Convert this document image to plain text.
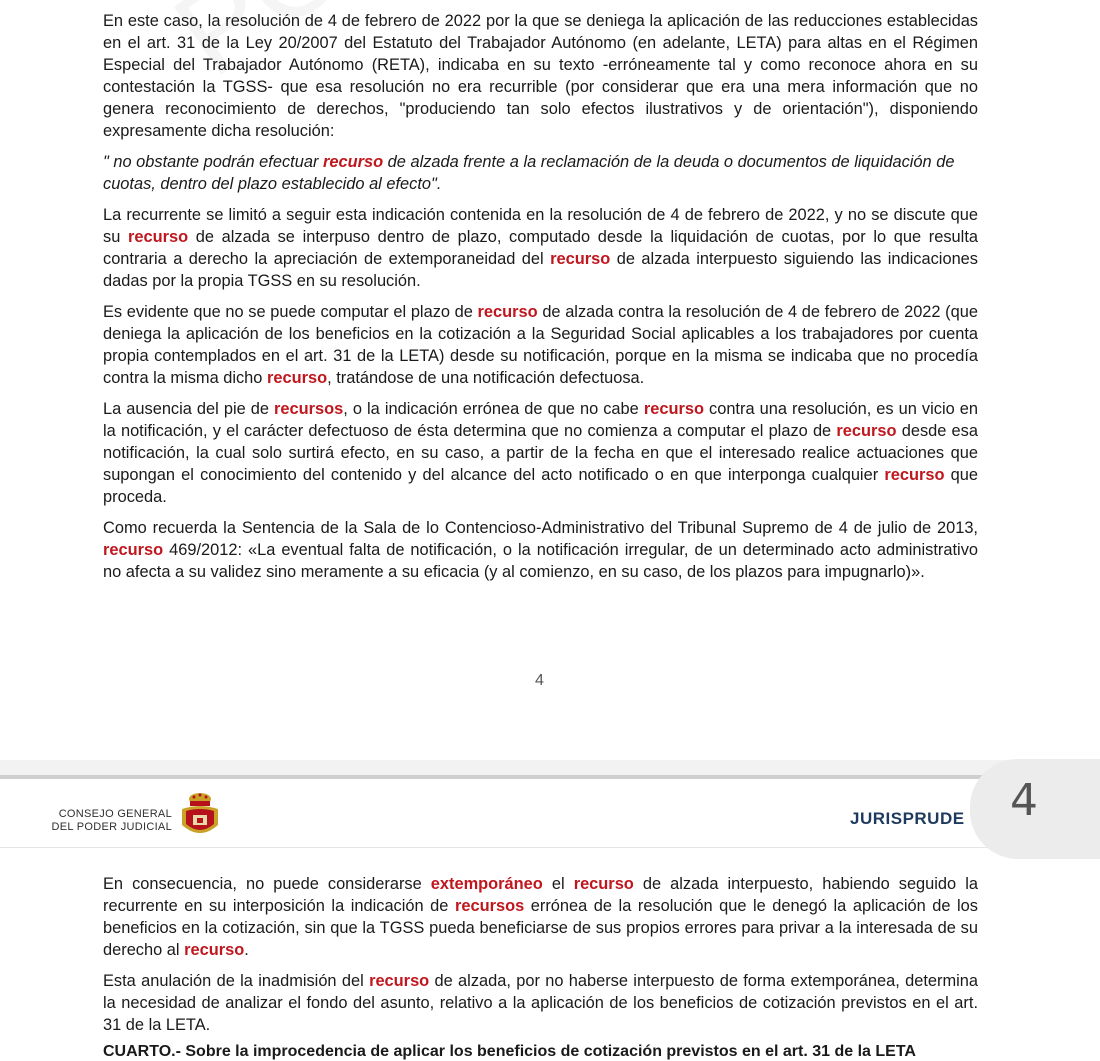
En este caso, la resolución de 4 de febrero de 2022 por la que se deniega la aplicación de las reducciones establecidas en el art. 31 de la Ley 20/2007 del Estatuto del Trabajador Autónomo (en adelante, LETA) para altas en el Régimen Especial del Trabajador Autónomo (RETA), indicaba en su texto -erróneamente tal y como reconoce ahora en su contestación la TGSS- que esa resolución no era recurrible (por considerar que era una mera información que no genera reconocimiento de derechos, "produciendo tan solo efectos ilustrativos y de orientación"), disponiendo expresamente dicha resolución:

" no obstante podrán efectuar recurso de alzada frente a la reclamación de la deuda o documentos de liquidación de cuotas, dentro del plazo establecido al efecto".

La recurrente se limitó a seguir esta indicación contenida en la resolución de 4 de febrero de 2022, y no se discute que su recurso de alzada se interpuso dentro de plazo, computado desde la liquidación de cuotas, por lo que resulta contraria a derecho la apreciación de extemporaneidad del recurso de alzada interpuesto siguiendo las indicaciones dadas por la propia TGSS en su resolución.

Es evidente que no se puede computar el plazo de recurso de alzada contra la resolución de 4 de febrero de 2022 (que deniega la aplicación de los beneficios en la cotización a la Seguridad Social aplicables a los trabajadores por cuenta propia contemplados en el art. 31 de la LETA) desde su notificación, porque en la misma se indicaba que no procedía contra la misma dicho recurso, tratándose de una notificación defectuosa.

La ausencia del pie de recursos, o la indicación errónea de que no cabe recurso contra una resolución, es un vicio en la notificación, y el carácter defectuoso de ésta determina que no comienza a computar el plazo de recurso desde esa notificación, la cual solo surtirá efecto, en su caso, a partir de la fecha en que el interesado realice actuaciones que supongan el conocimiento del contenido y del alcance del acto notificado o en que interponga cualquier recurso que proceda.

Como recuerda la Sentencia de la Sala de lo Contencioso-Administrativo del Tribunal Supremo de 4 de julio de 2013, recurso 469/2012: «La eventual falta de notificación, o la notificación irregular, de un determinado acto administrativo no afecta a su validez sino meramente a su eficacia (y al comienzo, en su caso, de los plazos para impugnarlo)».

4
CONSEJO GENERAL
DEL PODER JUDICIAL	JURISPRUDE 4

En consecuencia, no puede considerarse extemporáneo el recurso de alzada interpuesto, habiendo seguido la recurrente en su interposición la indicación de recursos errónea de la resolución que le denegó la aplicación de los beneficios en la cotización, sin que la TGSS pueda beneficiarse de sus propios errores para privar a la interesada de su derecho al recurso.

Esta anulación de la inadmisión del recurso de alzada, por no haberse interpuesto de forma extemporánea, determina la necesidad de analizar el fondo del asunto, relativo a la aplicación de los beneficios de cotización previstos en el art. 31 de la LETA.

CUARTO.- Sobre la improcedencia de aplicar los beneficios de cotización previstos en el art. 31 de la LETA
